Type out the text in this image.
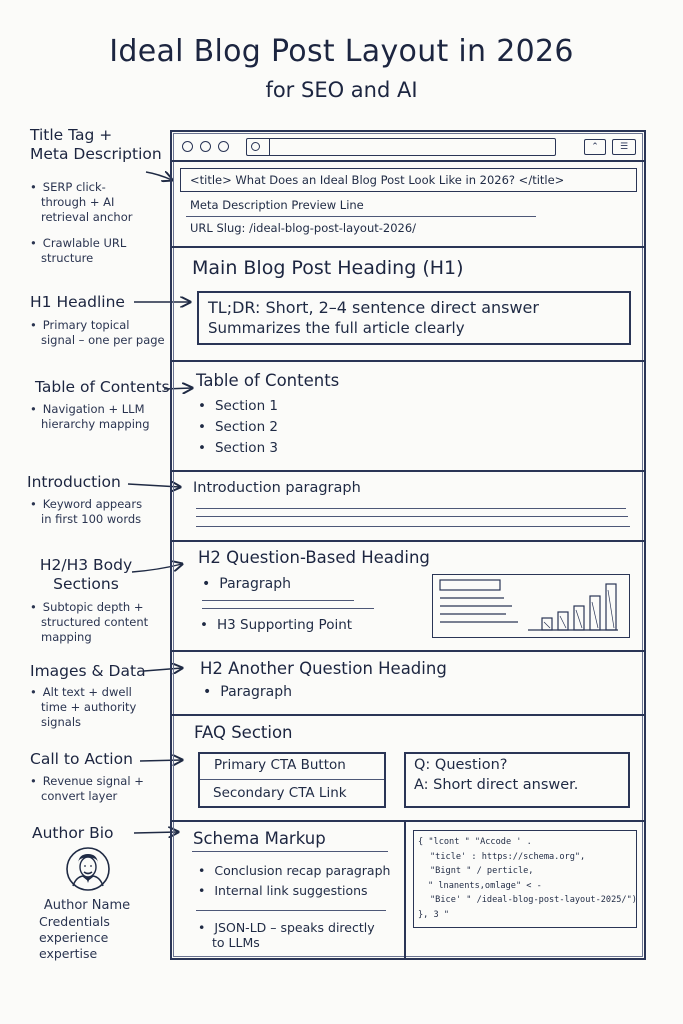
Ideal Blog Post Layout in 2026
for SEO and AI
Title Tag +
Meta Description
• SERP click-
through + AI
retrieval anchor
• Crawlable URL
structure
H1 Headline
• Primary topical
signal – one per page
Table of Contents
• Navigation + LLM
hierarchy mapping
Introduction
• Keyword appears
in first 100 words
H2/H3 Body
Sections
• Subtopic depth +
structured content
mapping
Images & Data
• Alt text + dwell
time + authority
signals
Call to Action
• Revenue signal +
convert layer
Author Bio
Author Name
Credentials
experience
expertise
⌃	☰
<title> What Does an Ideal Blog Post Look Like in 2026? </title>
Meta Description Preview Line
URL Slug: /ideal-blog-post-layout-2026/
Main Blog Post Heading (H1)
TL;DR: Short, 2–4 sentence direct answer
Summarizes the full article clearly
Table of Contents
• Section 1
• Section 2
• Section 3
Introduction paragraph
H2 Question-Based Heading
• Paragraph
• H3 Supporting Point
H2 Another Question Heading
• Paragraph
FAQ Section
Primary CTA Button
Secondary CTA Link
Q: Question?
A: Short direct answer.
Schema Markup
• Conclusion recap paragraph
• Internal link suggestions
• JSON-LD – speaks directly
to LLMs
{ "lcont " "Accode ' .
"ticle' : https://schema.org",
"Bignt " / perticle,
" lnanents,omlage" < -
"Bice' " /ideal-blog-post-layout-2025/")
}, 3 "
